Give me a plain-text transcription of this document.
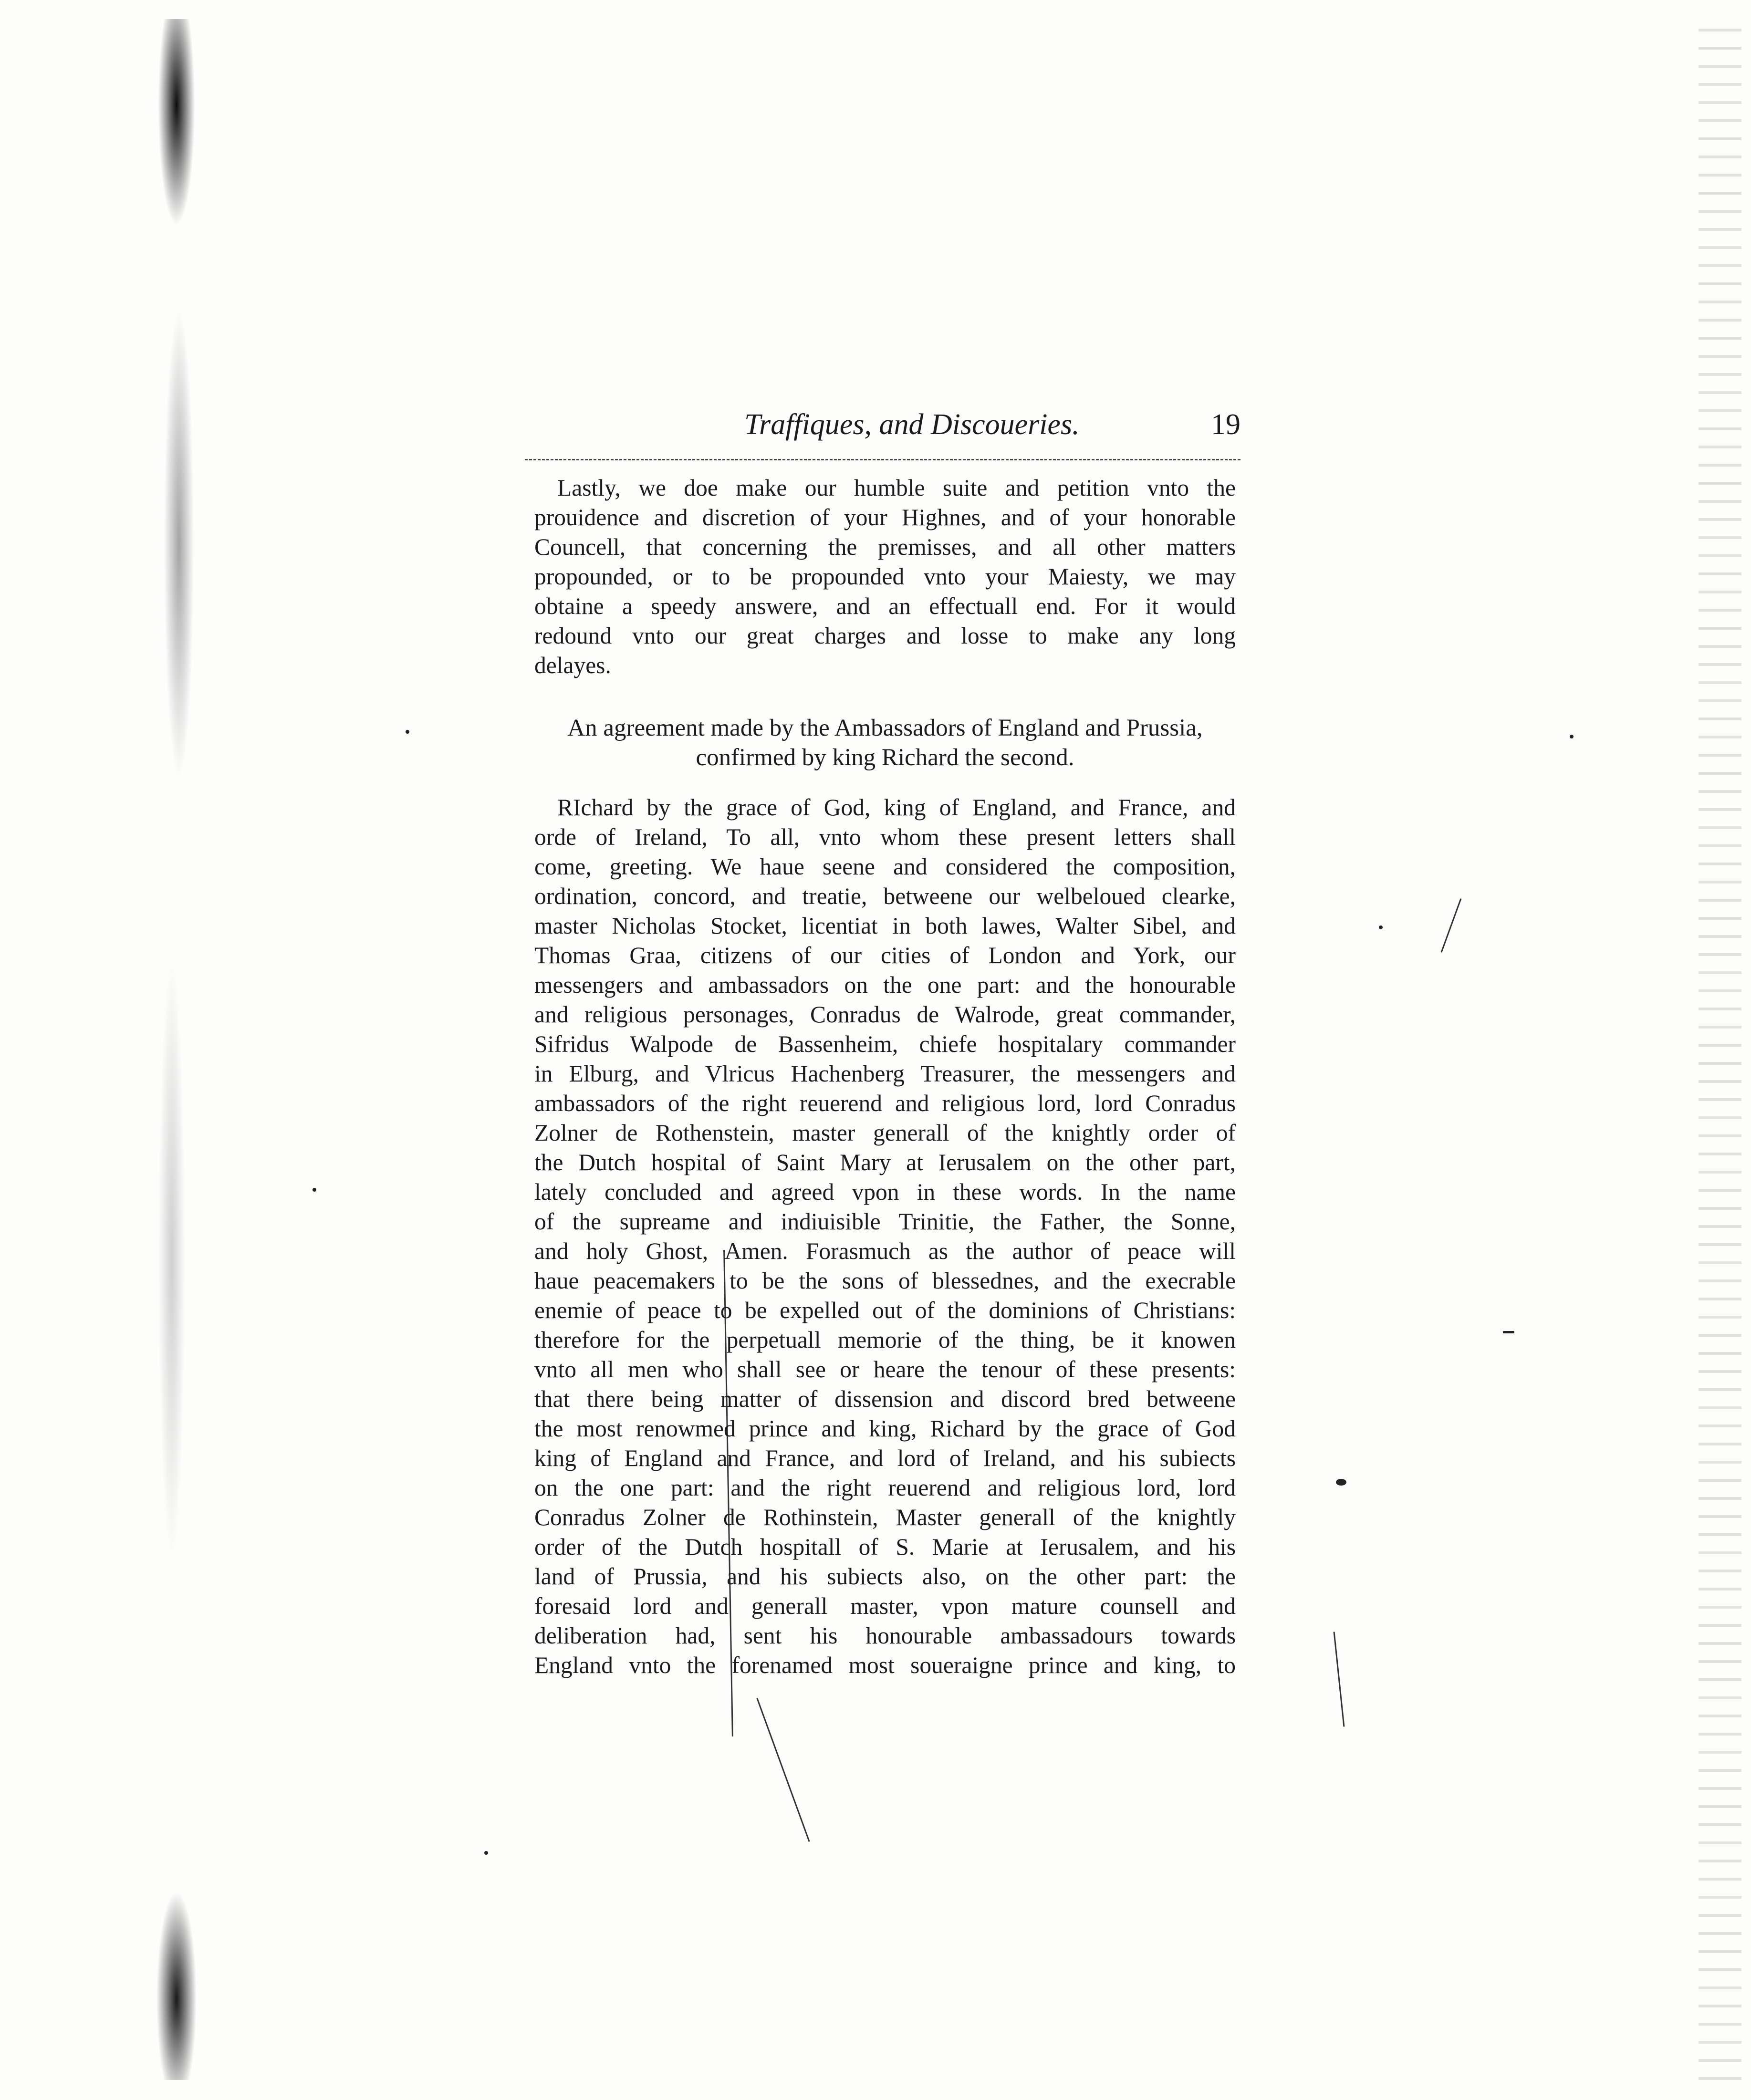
Traffiques, and Discoueries.	19
Lastly, we doe make our humble suite and petition vnto the
prouidence and discretion of your Highnes, and of your honorable
Councell, that concerning the premisses, and all other matters
propounded, or to be propounded vnto your Maiesty, we may
obtaine a speedy answere, and an effectuall end. For it would
redound vnto our great charges and losse to make any long
delayes.
An agreement made by the Ambassadors of England and Prussia,
confirmed by king Richard the second.
RIchard by the grace of God, king of England, and France, and
orde of Ireland, To all, vnto whom these present letters shall
come, greeting. We haue seene and considered the composition,
ordination, concord, and treatie, betweene our welbeloued clearke,
master Nicholas Stocket, licentiat in both lawes, Walter Sibel, and
Thomas Graa, citizens of our cities of London and York, our
messengers and ambassadors on the one part: and the honourable
and religious personages, Conradus de Walrode, great commander,
Sifridus Walpode de Bassenheim, chiefe hospitalary commander
in Elburg, and Vlricus Hachenberg Treasurer, the messengers and
ambassadors of the right reuerend and religious lord, lord Conradus
Zolner de Rothenstein, master generall of the knightly order of
the Dutch hospital of Saint Mary at Ierusalem on the other part,
lately concluded and agreed vpon in these words. In the name
of the supreame and indiuisible Trinitie, the Father, the Sonne,
and holy Ghost, Amen. Forasmuch as the author of peace will
haue peacemakers to be the sons of blessednes, and the execrable
enemie of peace to be expelled out of the dominions of Christians:
therefore for the perpetuall memorie of the thing, be it knowen
vnto all men who shall see or heare the tenour of these presents:
that there being matter of dissension and discord bred betweene
the most renowmed prince and king, Richard by the grace of God
king of England and France, and lord of Ireland, and his subiects
on the one part: and the right reuerend and religious lord, lord
Conradus Zolner de Rothinstein, Master generall of the knightly
order of the Dutch hospitall of S. Marie at Ierusalem, and his
land of Prussia, and his subiects also, on the other part: the
foresaid lord and generall master, vpon mature counsell and
deliberation had, sent his honourable ambassadours towards
England vnto the forenamed most soueraigne prince and king, to
